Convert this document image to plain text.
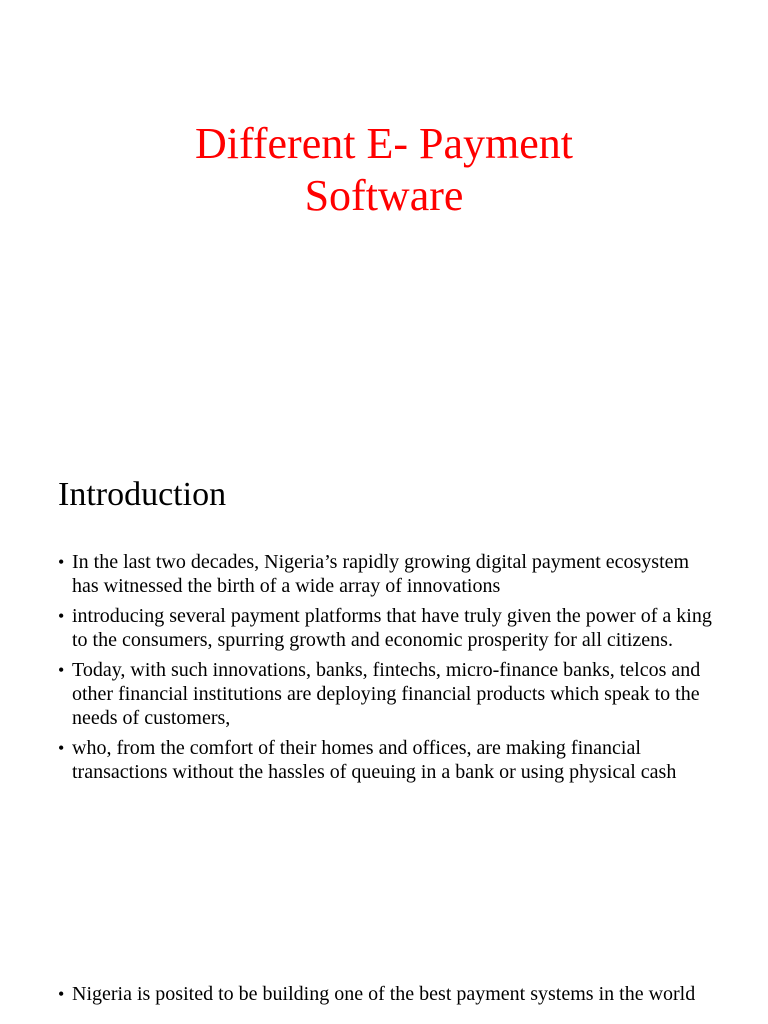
Different E- Payment
Software
Introduction
• In the last two decades, Nigeria’s rapidly growing digital payment ecosystem has witnessed the birth of a wide array of innovations
• introducing several payment platforms that have truly given the power of a king to the consumers, spurring growth and economic prosperity for all citizens.
• Today, with such innovations, banks, fintechs, micro-finance banks, telcos and other financial institutions are deploying financial products which speak to the needs of customers,
• who, from the comfort of their homes and offices, are making financial transactions without the hassles of queuing in a bank or using physical cash
• Nigeria is posited to be building one of the best payment systems in the world
